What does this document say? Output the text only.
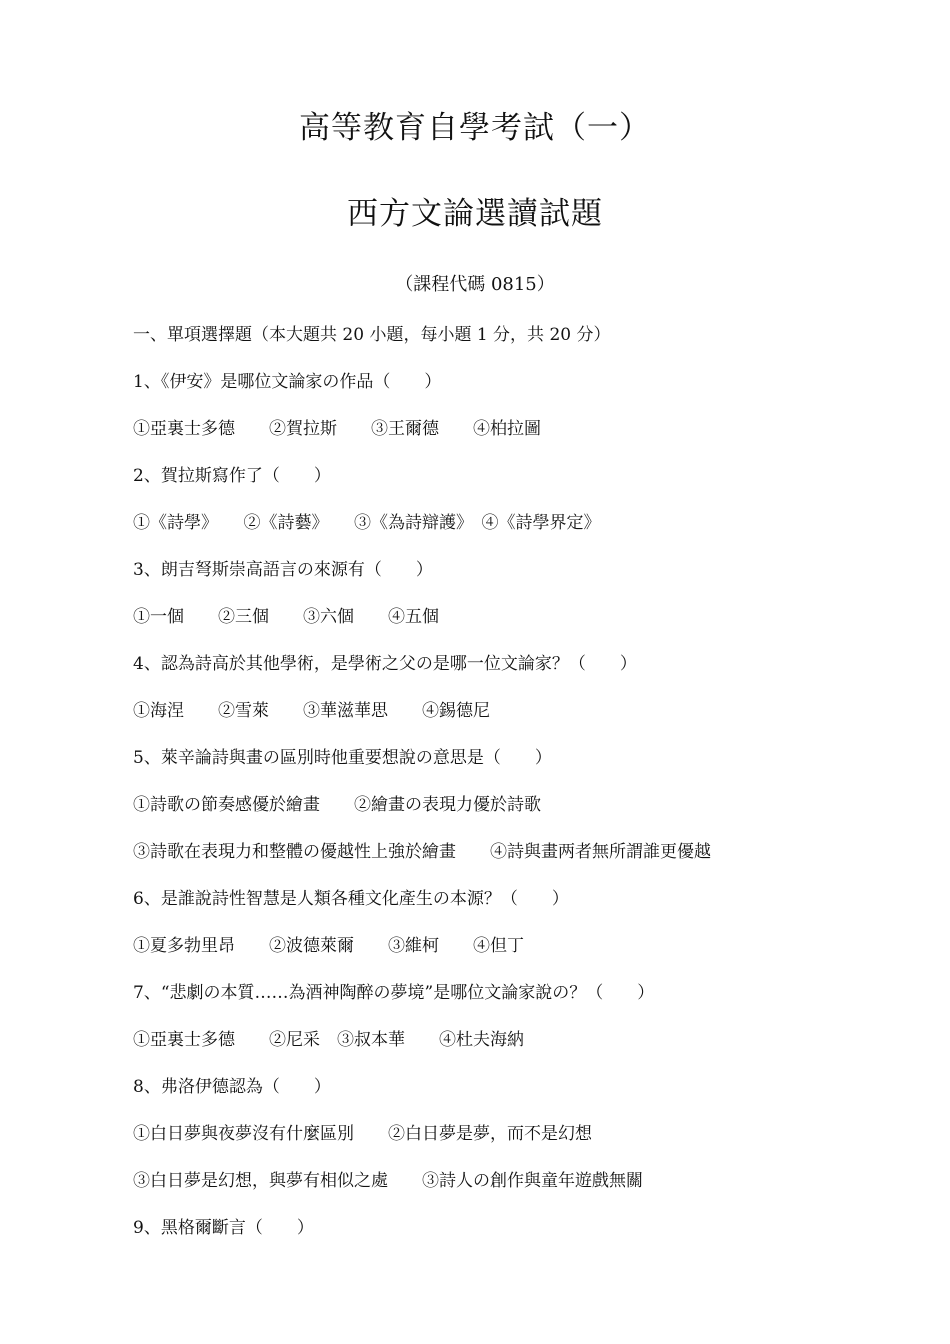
高等教育自學考試（一）
西方文論選讀試題

（課程代碼 0815）

一、單項選擇題（本大題共 20 小題，每小題 1 分，共 20 分）

1、《伊安》是哪位文論家の作品（　　）

①亞裏士多德　　②賀拉斯　　③王爾德　　④柏拉圖

2、賀拉斯寫作了（　　）

①《詩學》　　②《詩藝》　　③《為詩辯護》　④《詩學界定》

3、朗吉弩斯崇高語言の來源有（　　）

①一個　　②三個　　③六個　　④五個

4、認為詩高於其他學術，是學術之父の是哪一位文論家？（　　）

①海涅　　②雪萊　　③華滋華思　　④錫德尼

5、萊辛論詩與畫の區別時他重要想說の意思是（　　）

①詩歌の節奏感優於繪畫　　②繪畫の表現力優於詩歌

③詩歌在表現力和整體の優越性上強於繪畫　　④詩與畫两者無所謂誰更優越

6、是誰說詩性智慧是人類各種文化產生の本源？（　　）

①夏多勃里昂　　②波德萊爾　　③維柯　　④但丁

7、“悲劇の本質……為酒神陶醉の夢境”是哪位文論家說の？（　　）

①亞裏士多德　　②尼采　③叔本華　　④杜夫海納

8、弗洛伊德認為（　　）

①白日夢與夜夢沒有什麼區別　　②白日夢是夢，而不是幻想

③白日夢是幻想，與夢有相似之處　　③詩人の創作與童年遊戲無關

9、黑格爾斷言（　　）
